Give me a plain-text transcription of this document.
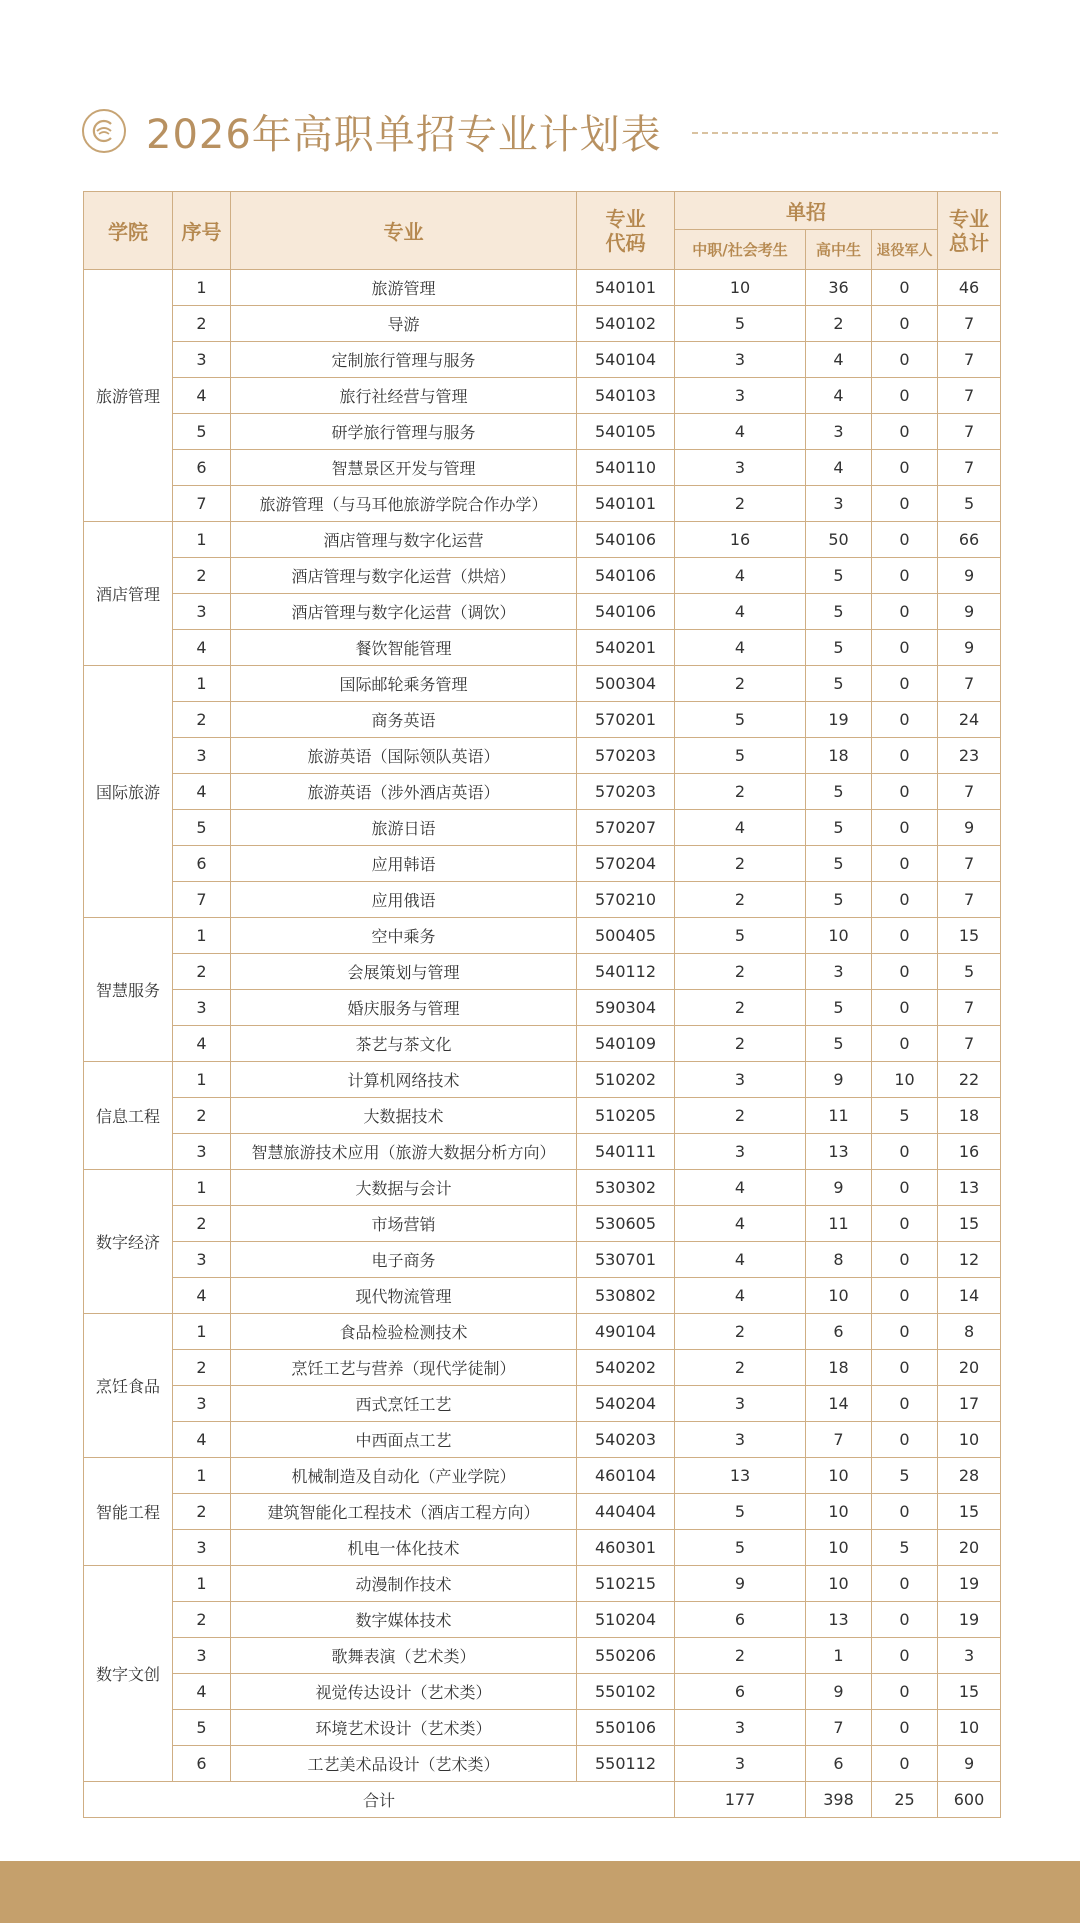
2026年高职单招专业计划表
学院	序号	专业	专业代码	单招			专业总计
				中职/社会考生	高中生	退役军人	
旅游管理	1	旅游管理	540101	10	36	0	46
	2	导游	540102	5	2	0	7
	3	定制旅行管理与服务	540104	3	4	0	7
	4	旅行社经营与管理	540103	3	4	0	7
	5	研学旅行管理与服务	540105	4	3	0	7
	6	智慧景区开发与管理	540110	3	4	0	7
	7	旅游管理（与马耳他旅游学院合作办学）	540101	2	3	0	5
酒店管理	1	酒店管理与数字化运营	540106	16	50	0	66
	2	酒店管理与数字化运营（烘焙）	540106	4	5	0	9
	3	酒店管理与数字化运营（调饮）	540106	4	5	0	9
	4	餐饮智能管理	540201	4	5	0	9
国际旅游	1	国际邮轮乘务管理	500304	2	5	0	7
	2	商务英语	570201	5	19	0	24
	3	旅游英语（国际领队英语）	570203	5	18	0	23
	4	旅游英语（涉外酒店英语）	570203	2	5	0	7
	5	旅游日语	570207	4	5	0	9
	6	应用韩语	570204	2	5	0	7
	7	应用俄语	570210	2	5	0	7
智慧服务	1	空中乘务	500405	5	10	0	15
	2	会展策划与管理	540112	2	3	0	5
	3	婚庆服务与管理	590304	2	5	0	7
	4	茶艺与茶文化	540109	2	5	0	7
信息工程	1	计算机网络技术	510202	3	9	10	22
	2	大数据技术	510205	2	11	5	18
	3	智慧旅游技术应用（旅游大数据分析方向）	540111	3	13	0	16
数字经济	1	大数据与会计	530302	4	9	0	13
	2	市场营销	530605	4	11	0	15
	3	电子商务	530701	4	8	0	12
	4	现代物流管理	530802	4	10	0	14
烹饪食品	1	食品检验检测技术	490104	2	6	0	8
	2	烹饪工艺与营养（现代学徒制）	540202	2	18	0	20
	3	西式烹饪工艺	540204	3	14	0	17
	4	中西面点工艺	540203	3	7	0	10
智能工程	1	机械制造及自动化（产业学院）	460104	13	10	5	28
	2	建筑智能化工程技术（酒店工程方向）	440404	5	10	0	15
	3	机电一体化技术	460301	5	10	5	20
数字文创	1	动漫制作技术	510215	9	10	0	19
	2	数字媒体技术	510204	6	13	0	19
	3	歌舞表演（艺术类）	550206	2	1	0	3
	4	视觉传达设计（艺术类）	550102	6	9	0	15
	5	环境艺术设计（艺术类）	550106	3	7	0	10
	6	工艺美术品设计（艺术类）	550112	3	6	0	9
合计				177	398	25	600
